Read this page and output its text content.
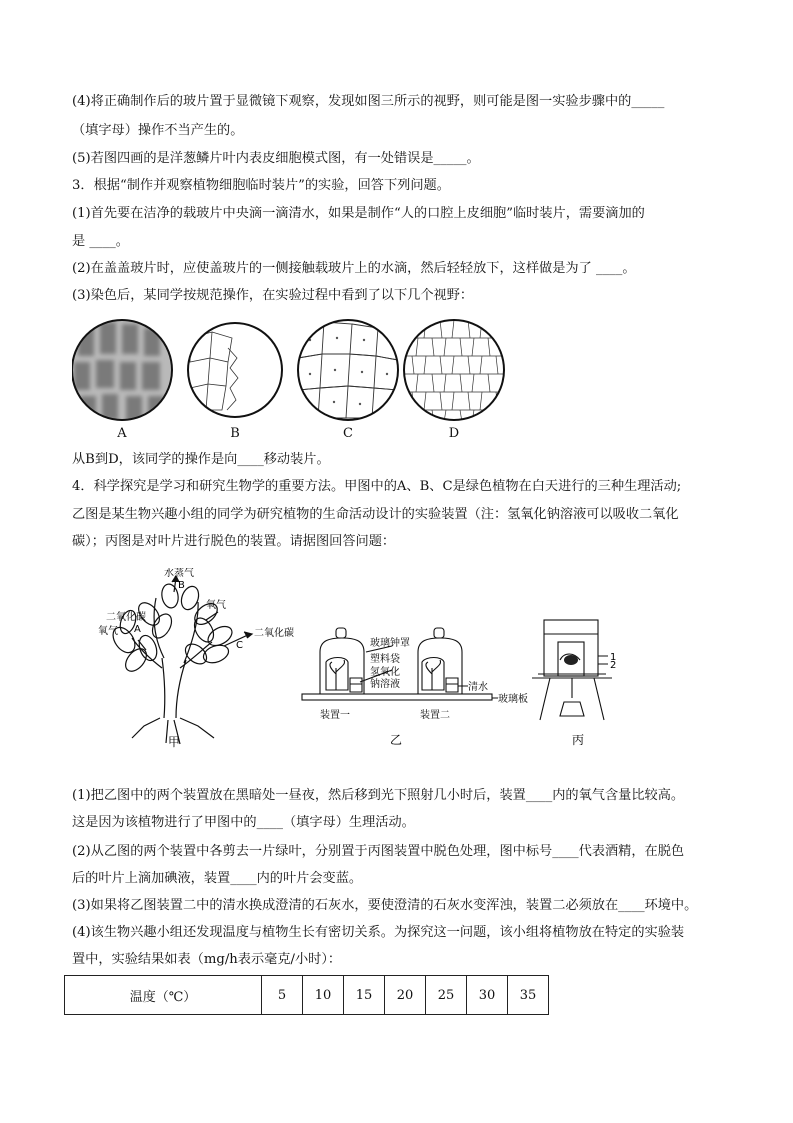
(4)将正确制作后的玻片置于显微镜下观察，发现如图三所示的视野，则可能是图一实验步骤中的_____
（填字母）操作不当产生的。
(5)若图四画的是洋葱鳞片叶内表皮细胞模式图，有一处错误是_____。
3．根据“制作并观察植物细胞临时装片”的实验，回答下列问题。
(1)首先要在洁净的载玻片中央滴一滴清水，如果是制作“人的口腔上皮细胞”临时装片，需要滴加的
是 ____。
(2)在盖盖玻片时，应使盖玻片的一侧接触载玻片上的水滴，然后轻轻放下，这样做是为了 ____。
(3)染色后，某同学按规范操作，在实验过程中看到了以下几个视野：
A	B	C	D
从B到D，该同学的操作是向____移动装片。
4．科学探究是学习和研究生物学的重要方法。甲图中的A、B、C是绿色植物在白天进行的三种生理活动;
乙图是某生物兴趣小组的同学为研究植物的生命活动设计的实验装置（注：氢氧化钠溶液可以吸收二氧化
碳）；丙图是对叶片进行脱色的装置。请据图回答问题：
水蒸气
B
氧气
二氧化碳
A
氧气	二氧化碳
C
甲
玻璃钟罩
塑料袋
氢氧化
钠溶液	清水
玻璃板
装置一	装置二
乙
1
2
丙
(1)把乙图中的两个装置放在黑暗处一昼夜，然后移到光下照射几小时后，装置____内的氧气含量比较高。
这是因为该植物进行了甲图中的____（填字母）生理活动。
(2)从乙图的两个装置中各剪去一片绿叶，分别置于丙图装置中脱色处理，图中标号____代表酒精，在脱色
后的叶片上滴加碘液，装置____内的叶片会变蓝。
(3)如果将乙图装置二中的清水换成澄清的石灰水，要使澄清的石灰水变浑浊，装置二必须放在____环境中。
(4)该生物兴趣小组还发现温度与植物生长有密切关系。为探究这一问题，该小组将植物放在特定的实验装
置中，实验结果如表（mg/h表示毫克/小时）：
温度（℃）	5	10	15	20	25	30	35
